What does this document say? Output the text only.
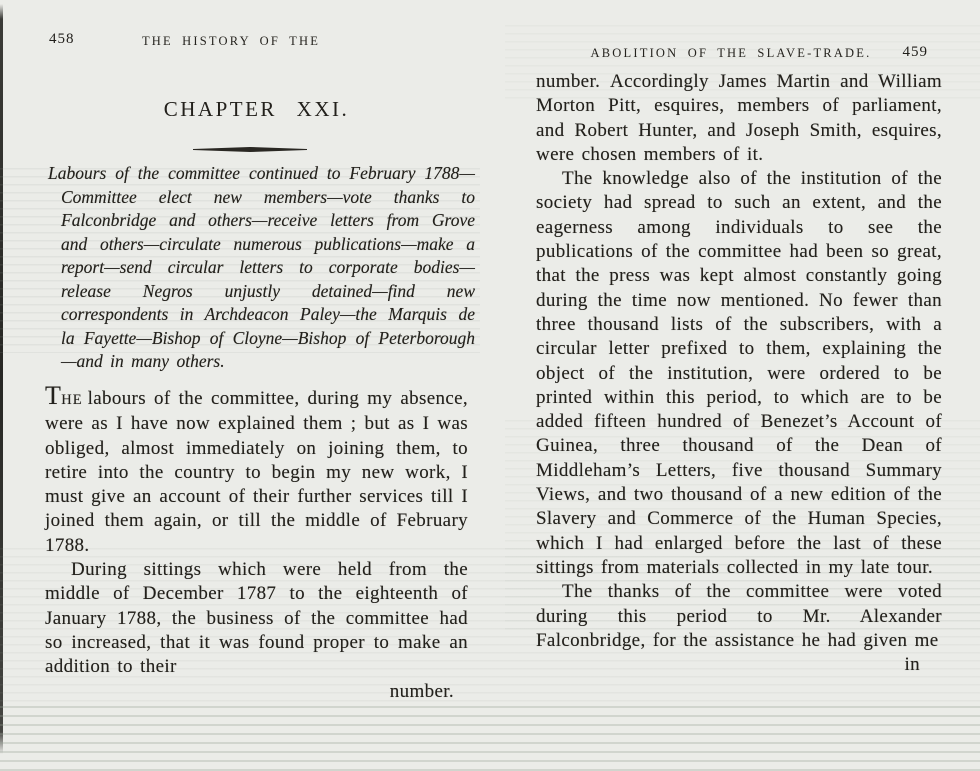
458	THE HISTORY OF THE
CHAPTER XXI.
Labours of the committee continued to February 1788—Committee elect new members—vote thanks to Falconbridge and others—receive letters from Grove and others—circulate numerous publications—make a report—send circular letters to corporate bodies—release Negros unjustly detained—find new correspondents in Archdeacon Paley—the Marquis de la Fayette—Bishop of Cloyne—Bishop of Peterborough—and in many others.

THE labours of the committee, during my absence, were as I have now explained them ; but as I was obliged, almost immediately on joining them, to retire into the country to begin my new work, I must give an account of their further services till I joined them again, or till the middle of February 1788.

During sittings which were held from the middle of December 1787 to the eighteenth of January 1788, the business of the committee had so increased, that it was found proper to make an addition to their

number.
ABOLITION OF THE SLAVE-TRADE.	459

number. Accordingly James Martin and William Morton Pitt, esquires, members of parliament, and Robert Hunter, and Joseph Smith, esquires, were chosen members of it.

The knowledge also of the institution of the society had spread to such an extent, and the eagerness among individuals to see the publications of the committee had been so great, that the press was kept almost constantly going during the time now mentioned. No fewer than three thousand lists of the subscribers, with a circular letter prefixed to them, explaining the object of the institution, were ordered to be printed within this period, to which are to be added fifteen hundred of Benezet’s Account of Guinea, three thousand of the Dean of Middleham’s Letters, five thousand Summary Views, and two thousand of a new edition of the Slavery and Commerce of the Human Species, which I had enlarged before the last of these sittings from materials collected in my late tour.

The thanks of the committee were voted during this period to Mr. Alexander Falconbridge, for the assistance he had given me

in
